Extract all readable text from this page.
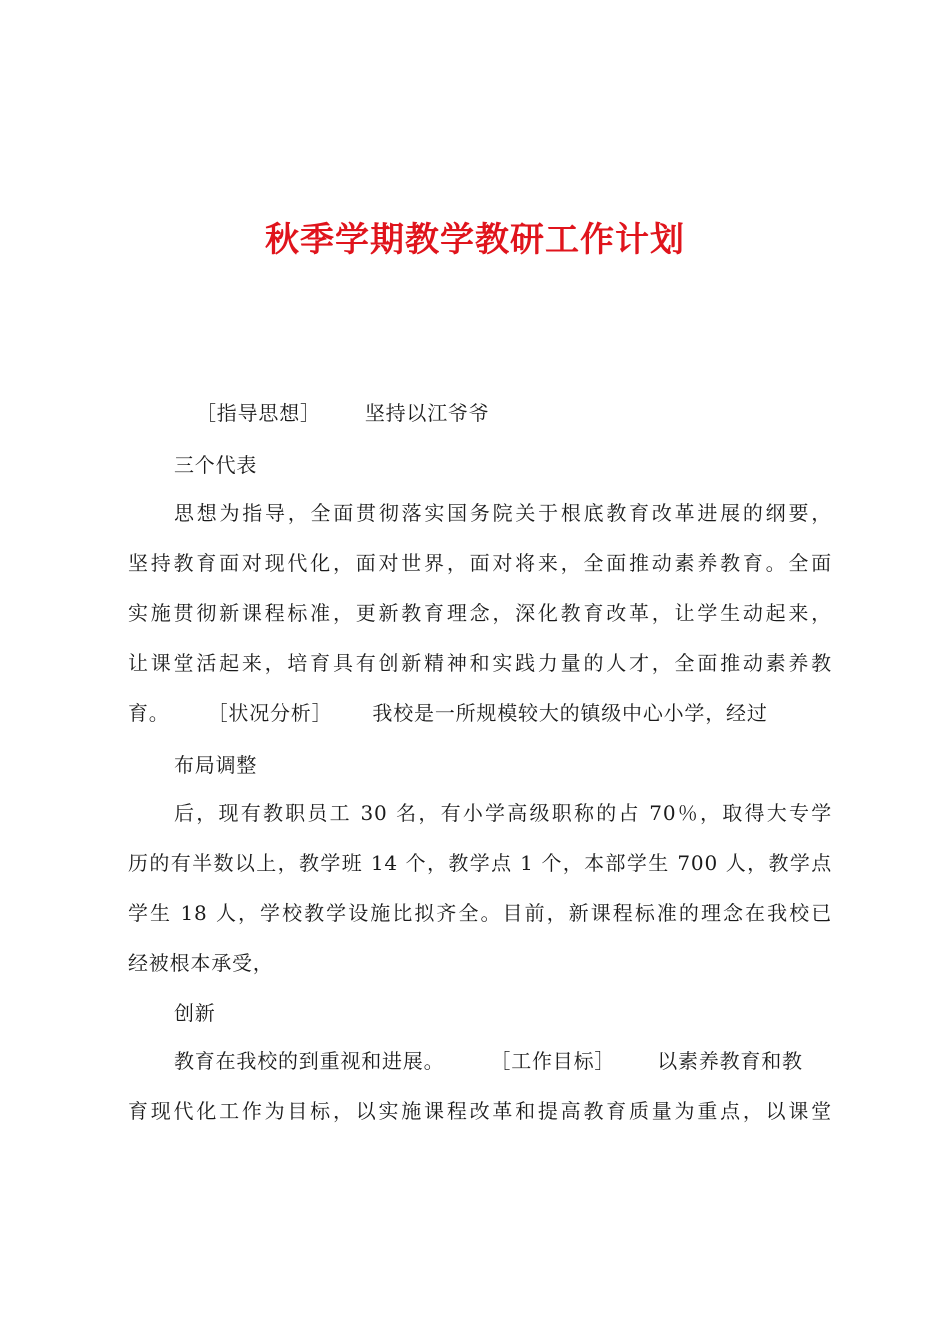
秋季学期教学教研工作计划
［指导思想］ 坚持以江爷爷
三个代表
思想为指导，全面贯彻落实国务院关于根底教育改革进展的纲要，
坚持教育面对现代化，面对世界，面对将来，全面推动素养教育。全面
实施贯彻新课程标准，更新教育理念，深化教育改革，让学生动起来，
让课堂活起来，培育具有创新精神和实践力量的人才，全面推动素养教
育。 ［状况分析］ 我校是一所规模较大的镇级中心小学，经过
布局调整
后，现有教职员工 30 名，有小学高级职称的占 70％，取得大专学
历的有半数以上，教学班 14 个，教学点 1 个，本部学生 700 人，教学点
学生 18 人，学校教学设施比拟齐全。目前，新课程标准的理念在我校已
经被根本承受，
创新
教育在我校的到重视和进展。 ［工作目标］ 以素养教育和教
育现代化工作为目标，以实施课程改革和提高教育质量为重点，以课堂
